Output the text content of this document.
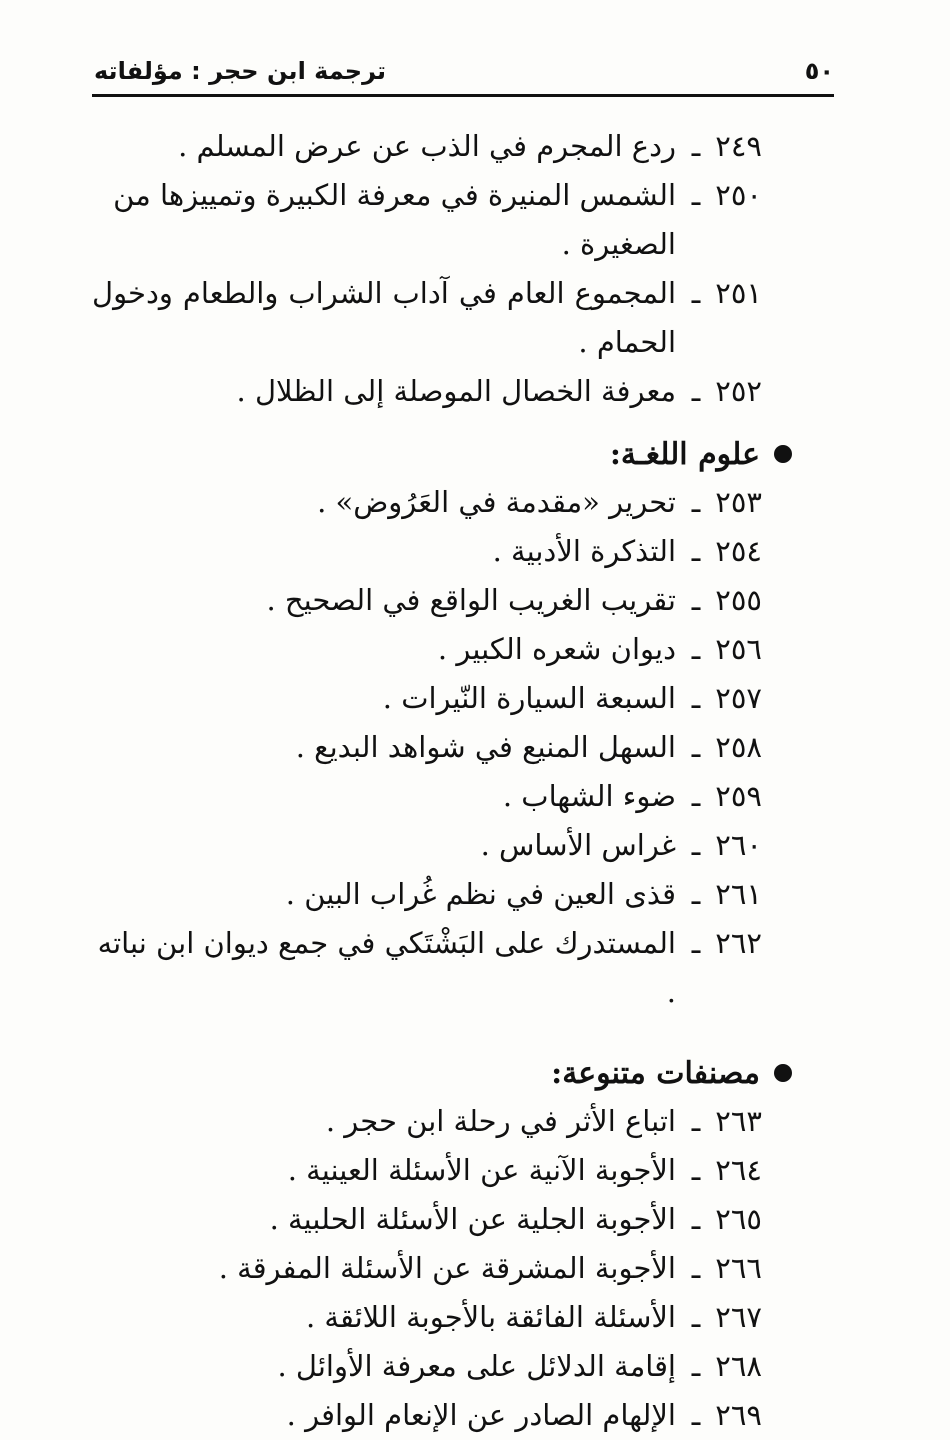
٥٠
ترجمة ابن حجر : مؤلفاته
٢٤٩
ـ
ردع المجرم في الذب عن عرض المسلم .
٢٥٠
ـ
الشمس المنيرة في معرفة الكبيرة وتمييزها من الصغيرة .
٢٥١
ـ
المجموع العام في آداب الشراب والطعام ودخول الحمام .
٢٥٢
ـ
معرفة الخصال الموصلة إلى الظلال .
علوم اللغـة:
٢٥٣
ـ
تحرير «مقدمة في العَرُوض» .
٢٥٤
ـ
التذكرة الأدبية .
٢٥٥
ـ
تقريب الغريب الواقع في الصحيح .
٢٥٦
ـ
ديوان شعره الكبير .
٢٥٧
ـ
السبعة السيارة النّيرات .
٢٥٨
ـ
السهل المنيع في شواهد البديع .
٢٥٩
ـ
ضوء الشهاب .
٢٦٠
ـ
غراس الأساس .
٢٦١
ـ
قذى العين في نظم غُراب البين .
٢٦٢
ـ
المستدرك على البَشْتَكي في جمع ديوان ابن نباته .
مصنفات متنوعة:
٢٦٣
ـ
اتباع الأثر في رحلة ابن حجر .
٢٦٤
ـ
الأجوبة الآنية عن الأسئلة العينية .
٢٦٥
ـ
الأجوبة الجلية عن الأسئلة الحلبية .
٢٦٦
ـ
الأجوبة المشرقة عن الأسئلة المفرقة .
٢٦٧
ـ
الأسئلة الفائقة بالأجوبة اللائقة .
٢٦٨
ـ
إقامة الدلائل على معرفة الأوائل .
٢٦٩
ـ
الإلهام الصادر عن الإنعام الوافر .
